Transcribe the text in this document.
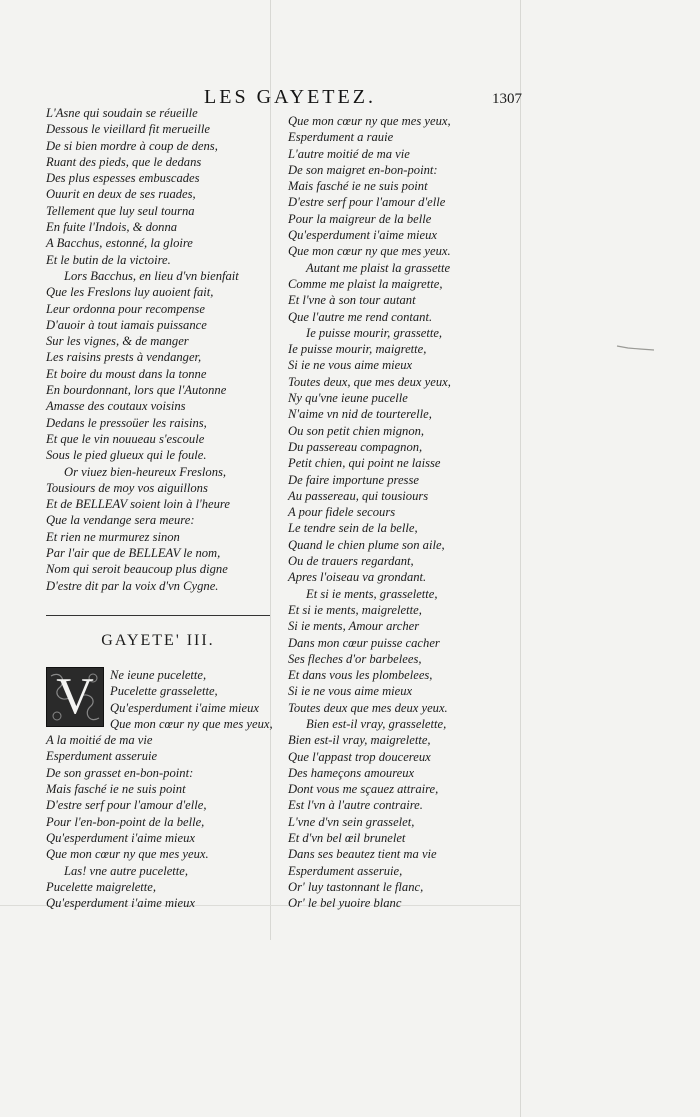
LES GAYETEZ.	1307
L'Asne qui soudain se réueille
Dessous le vieillard fit merueille
De si bien mordre à coup de dens,
Ruant des pieds, que le dedans
Des plus espesses embuscades
Ouurit en deux de ses ruades,
Tellement que luy seul tourna
En fuite l'Indois, & donna
A Bacchus, estonné, la gloire
Et le butin de la victoire.
Lors Bacchus, en lieu d'vn bienfait
Que les Freslons luy auoient fait,
Leur ordonna pour recompense
D'auoir à tout iamais puissance
Sur les vignes, & de manger
Les raisins prests à vendanger,
Et boire du moust dans la tonne
En bourdonnant, lors que l'Autonne
Amasse des coutaux voisins
Dedans le pressoüer les raisins,
Et que le vin nouueau s'escoule
Sous le pied glueux qui le foule.
Or viuez bien-heureux Freslons,
Tousiours de moy vos aiguillons
Et de BELLEAV soient loin à l'heure
Que la vendange sera meure:
Et rien ne murmurez sinon
Par l'air que de BELLEAV le nom,
Nom qui seroit beaucoup plus digne
D'estre dit par la voix d'vn Cygne.
GAYETE' III.
Ne ieune pucelette,
Pucelette grasselette,
Qu'esperdument i'aime mieux
Que mon cœur ny que mes yeux,
A la moitié de ma vie
Esperdument asseruie
De son grasset en-bon-point:
Mais fasché ie ne suis point
D'estre serf pour l'amour d'elle,
Pour l'en-bon-point de la belle,
Qu'esperdument i'aime mieux
Que mon cœur ny que mes yeux.
Las! vne autre pucelette,
Pucelette maigrelette,
Qu'esperdument i'aime mieux
V
Que mon cœur ny que mes yeux,
Esperdument a rauie
L'autre moitié de ma vie
De son maigret en-bon-point:
Mais fasché ie ne suis point
D'estre serf pour l'amour d'elle
Pour la maigreur de la belle
Qu'esperdument i'aime mieux
Que mon cœur ny que mes yeux.
Autant me plaist la grassette
Comme me plaist la maigrette,
Et l'vne à son tour autant
Que l'autre me rend contant.
Ie puisse mourir, grassette,
Ie puisse mourir, maigrette,
Si ie ne vous aime mieux
Toutes deux, que mes deux yeux,
Ny qu'vne ieune pucelle
N'aime vn nid de tourterelle,
Ou son petit chien mignon,
Du passereau compagnon,
Petit chien, qui point ne laisse
De faire importune presse
Au passereau, qui tousiours
A pour fidele secours
Le tendre sein de la belle,
Quand le chien plume son aile,
Ou de trauers regardant,
Apres l'oiseau va grondant.
Et si ie ments, grasselette,
Et si ie ments, maigrelette,
Si ie ments, Amour archer
Dans mon cœur puisse cacher
Ses fleches d'or barbelees,
Et dans vous les plombelees,
Si ie ne vous aime mieux
Toutes deux que mes deux yeux.
Bien est-il vray, grasselette,
Bien est-il vray, maigrelette,
Que l'appast trop doucereux
Des hameçons amoureux
Dont vous me sçauez attraire,
Est l'vn à l'autre contraire.
L'vne d'vn sein grasselet,
Et d'vn bel œil brunelet
Dans ses beautez tient ma vie
Esperdument asseruie,
Or' luy tastonnant le flanc,
Or' le bel yuoire blanc
